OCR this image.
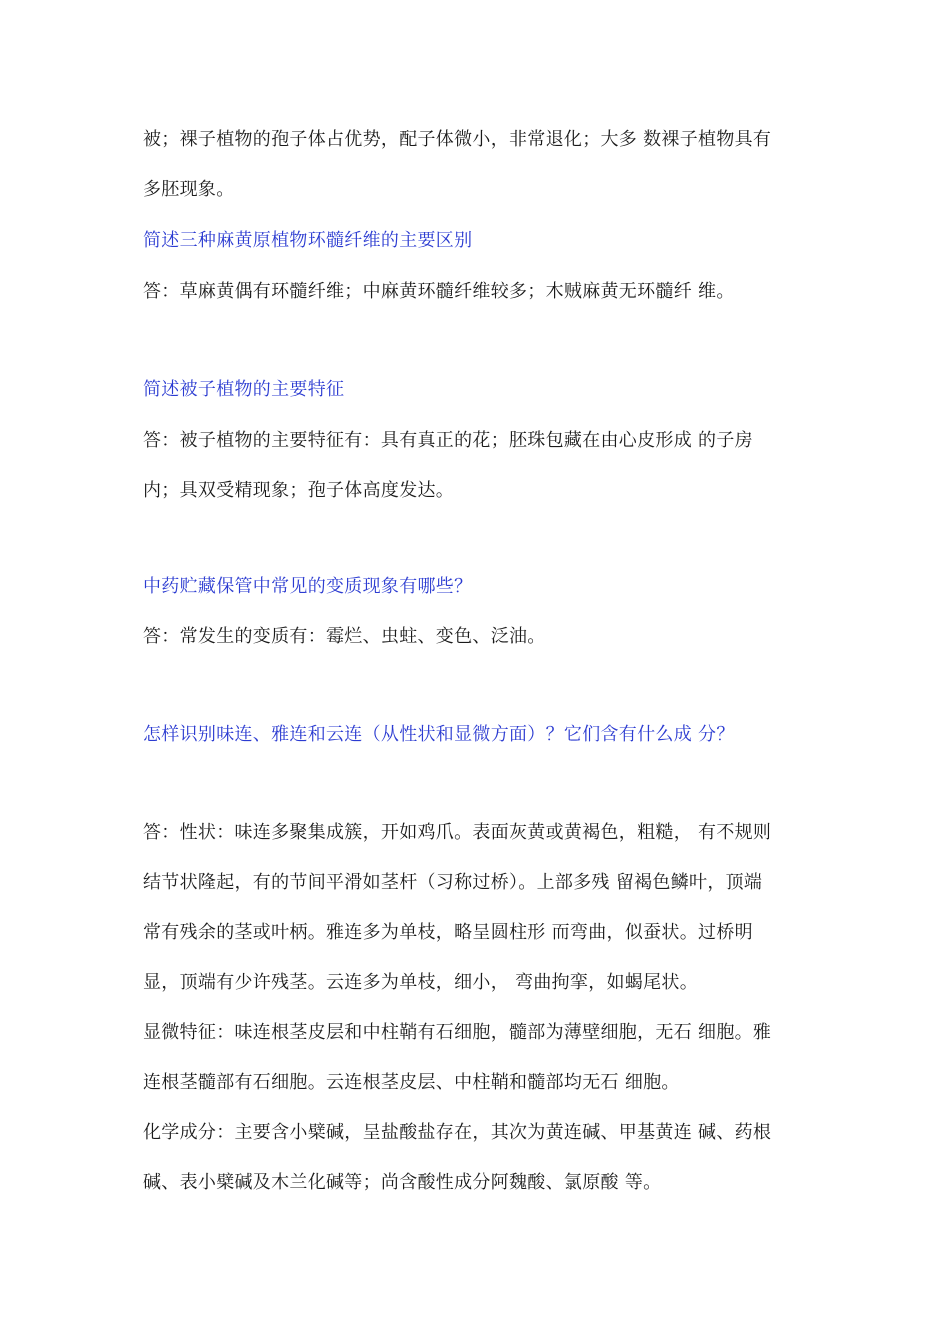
被；裸子植物的孢子体占优势，配子体微小，非常退化；大多 数裸子植物具有
多胚现象。
简述三种麻黄原植物环髓纤维的主要区别
答：草麻黄偶有环髓纤维；中麻黄环髓纤维较多；木贼麻黄无环髓纤 维。
简述被子植物的主要特征
答：被子植物的主要特征有：具有真正的花；胚珠包藏在由心皮形成 的子房
内；具双受精现象；孢子体高度发达。
中药贮藏保管中常见的变质现象有哪些？
答：常发生的变质有：霉烂、虫蛀、变色、泛油。
怎样识别味连、雅连和云连（从性状和显微方面）？它们含有什么成 分？
答：性状：味连多聚集成簇，开如鸡爪。表面灰黄或黄褐色，粗糙， 有不规则
结节状隆起，有的节间平滑如茎杆（习称过桥）。上部多残 留褐色鳞叶，顶端
常有残余的茎或叶柄。雅连多为单枝，略呈圆柱形 而弯曲，似蚕状。过桥明
显，顶端有少许残茎。云连多为单枝，细小， 弯曲拘挛，如蝎尾状。
显微特征：味连根茎皮层和中柱鞘有石细胞，髓部为薄壁细胞，无石 细胞。雅
连根茎髓部有石细胞。云连根茎皮层、中柱鞘和髓部均无石 细胞。
化学成分：主要含小檗碱，呈盐酸盐存在，其次为黄连碱、甲基黄连 碱、药根
碱、表小檗碱及木兰化碱等；尚含酸性成分阿魏酸、氯原酸 等。
